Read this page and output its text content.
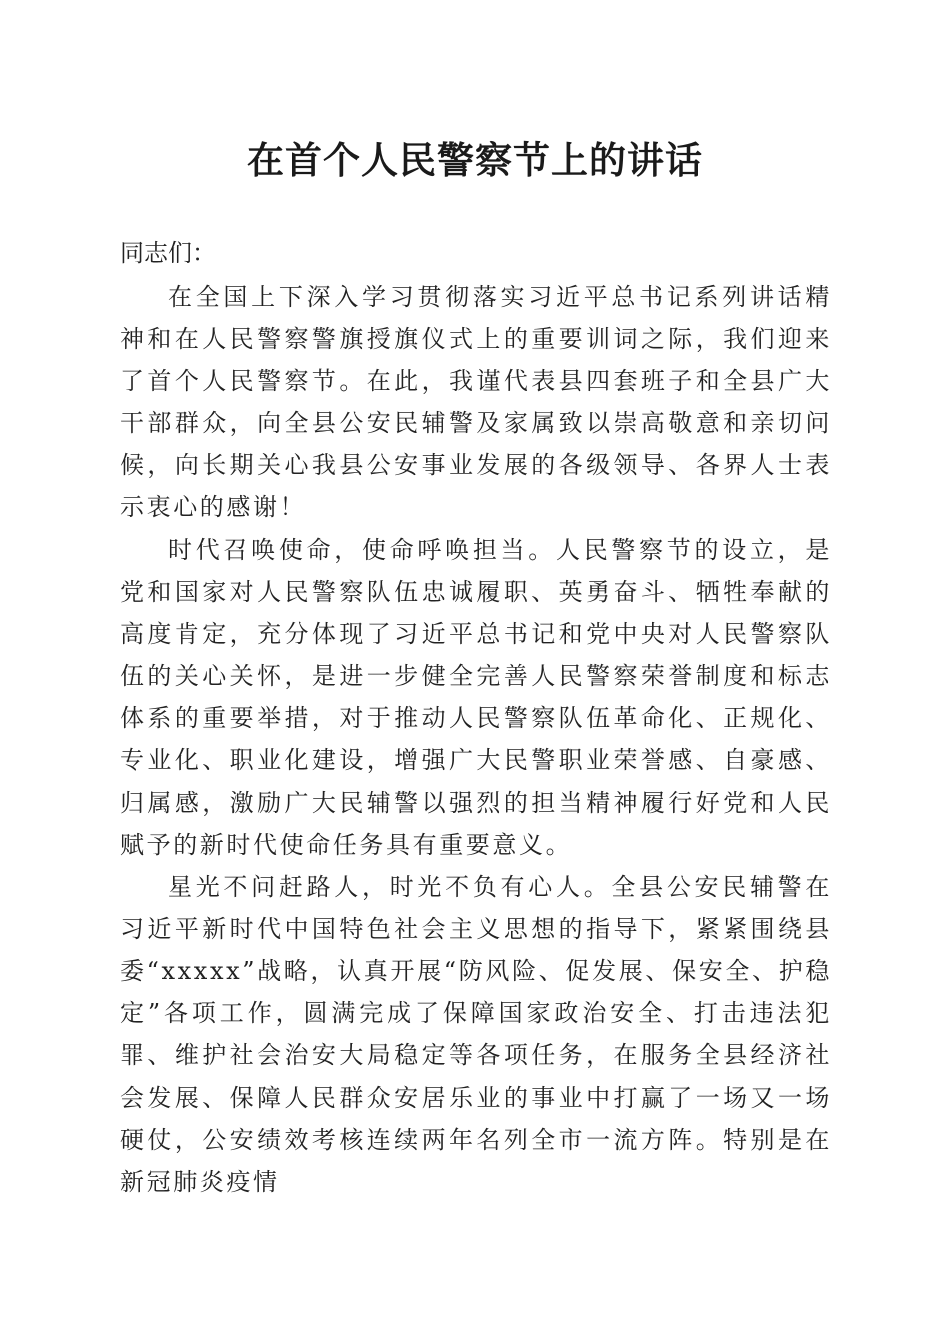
在首个人民警察节上的讲话

同志们：

在全国上下深入学习贯彻落实习近平总书记系列讲话精神和在人民警察警旗授旗仪式上的重要训词之际，我们迎来了首个人民警察节。在此，我谨代表县四套班子和全县广大干部群众，向全县公安民辅警及家属致以崇高敬意和亲切问候，向长期关心我县公安事业发展的各级领导、各界人士表示衷心的感谢！

时代召唤使命，使命呼唤担当。人民警察节的设立，是党和国家对人民警察队伍忠诚履职、英勇奋斗、牺牲奉献的高度肯定，充分体现了习近平总书记和党中央对人民警察队伍的关心关怀，是进一步健全完善人民警察荣誉制度和标志体系的重要举措，对于推动人民警察队伍革命化、正规化、专业化、职业化建设，增强广大民警职业荣誉感、自豪感、归属感，激励广大民辅警以强烈的担当精神履行好党和人民赋予的新时代使命任务具有重要意义。

星光不问赶路人，时光不负有心人。全县公安民辅警在习近平新时代中国特色社会主义思想的指导下，紧紧围绕县委“xxxxx”战略，认真开展“防风险、促发展、保安全、护稳定”各项工作，圆满完成了保障国家政治安全、打击违法犯罪、维护社会治安大局稳定等各项任务，在服务全县经济社会发展、保障人民群众安居乐业的事业中打赢了一场又一场硬仗，公安绩效考核连续两年名列全市一流方阵。特别是在新冠肺炎疫情
